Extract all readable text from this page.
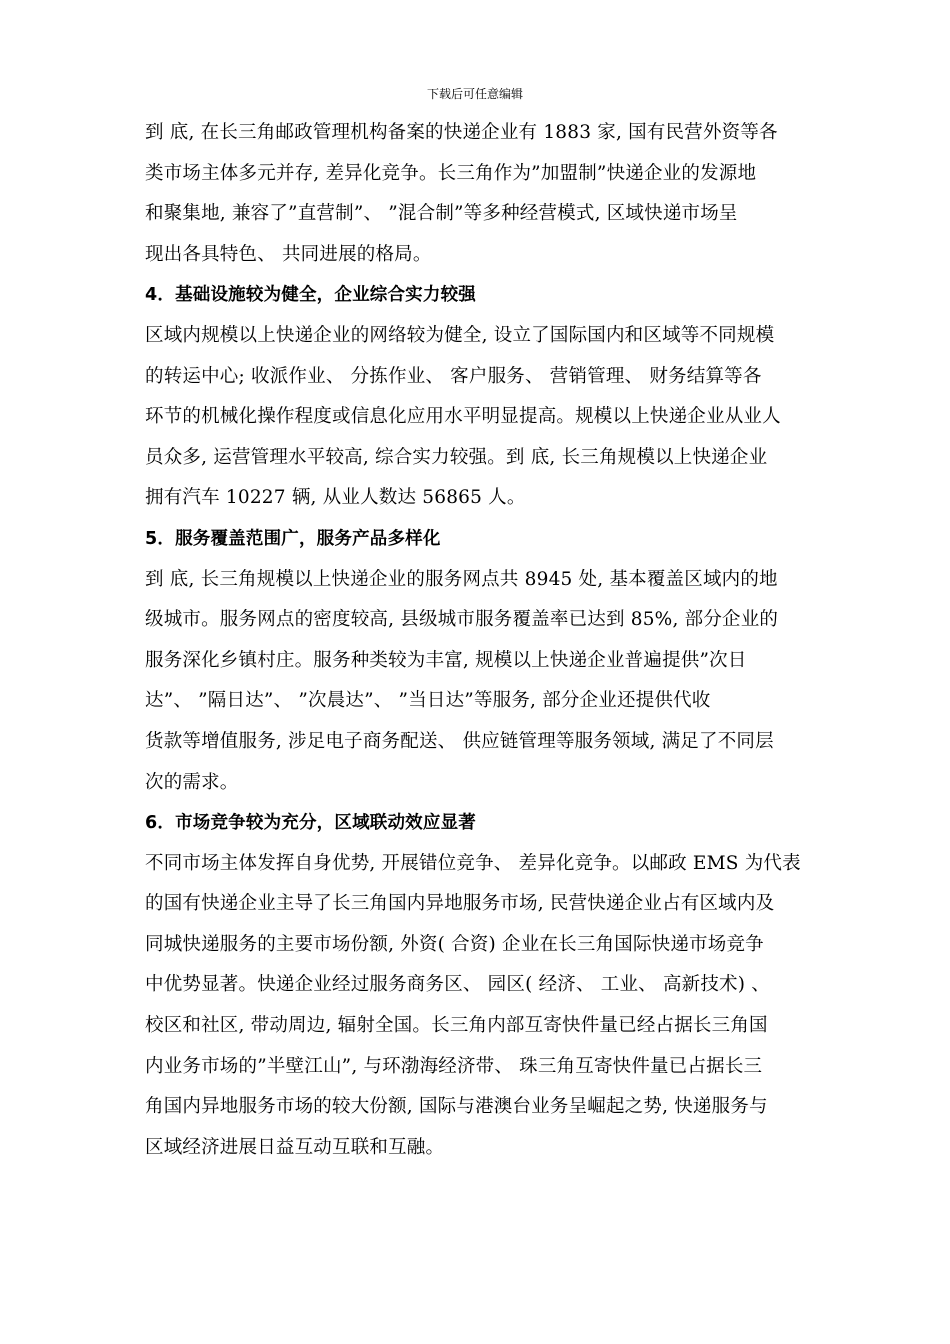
下载后可任意编辑
到 底, 在长三角邮政管理机构备案的快递企业有 1883 家, 国有民营外资等各
类市场主体多元并存, 差异化竞争。长三角作为”加盟制”快递企业的发源地
和聚集地, 兼容了”直营制”、 ”混合制”等多种经营模式, 区域快递市场呈
现出各具特色、 共同进展的格局。
4．基础设施较为健全，企业综合实力较强
区域内规模以上快递企业的网络较为健全, 设立了国际国内和区域等不同规模
的转运中心; 收派作业、 分拣作业、 客户服务、 营销管理、 财务结算等各
环节的机械化操作程度或信息化应用水平明显提高。规模以上快递企业从业人
员众多, 运营管理水平较高, 综合实力较强。到 底, 长三角规模以上快递企业
拥有汽车 10227 辆, 从业人数达 56865 人。
5．服务覆盖范围广，服务产品多样化
到 底, 长三角规模以上快递企业的服务网点共 8945 处, 基本覆盖区域内的地
级城市。服务网点的密度较高, 县级城市服务覆盖率已达到 85%, 部分企业的
服务深化乡镇村庄。服务种类较为丰富, 规模以上快递企业普遍提供”次日
达”、 ”隔日达”、 ”次晨达”、 ”当日达”等服务, 部分企业还提供代收
货款等增值服务, 涉足电子商务配送、 供应链管理等服务领域, 满足了不同层
次的需求。
6．市场竞争较为充分，区域联动效应显著
不同市场主体发挥自身优势, 开展错位竞争、 差异化竞争。以邮政 EMS 为代表
的国有快递企业主导了长三角国内异地服务市场, 民营快递企业占有区域内及
同城快递服务的主要市场份额, 外资( 合资) 企业在长三角国际快递市场竞争
中优势显著。快递企业经过服务商务区、 园区( 经济、 工业、 高新技术) 、
校区和社区, 带动周边, 辐射全国。长三角内部互寄快件量已经占据长三角国
内业务市场的”半壁江山”, 与环渤海经济带、 珠三角互寄快件量已占据长三
角国内异地服务市场的较大份额, 国际与港澳台业务呈崛起之势, 快递服务与
区域经济进展日益互动互联和互融。
